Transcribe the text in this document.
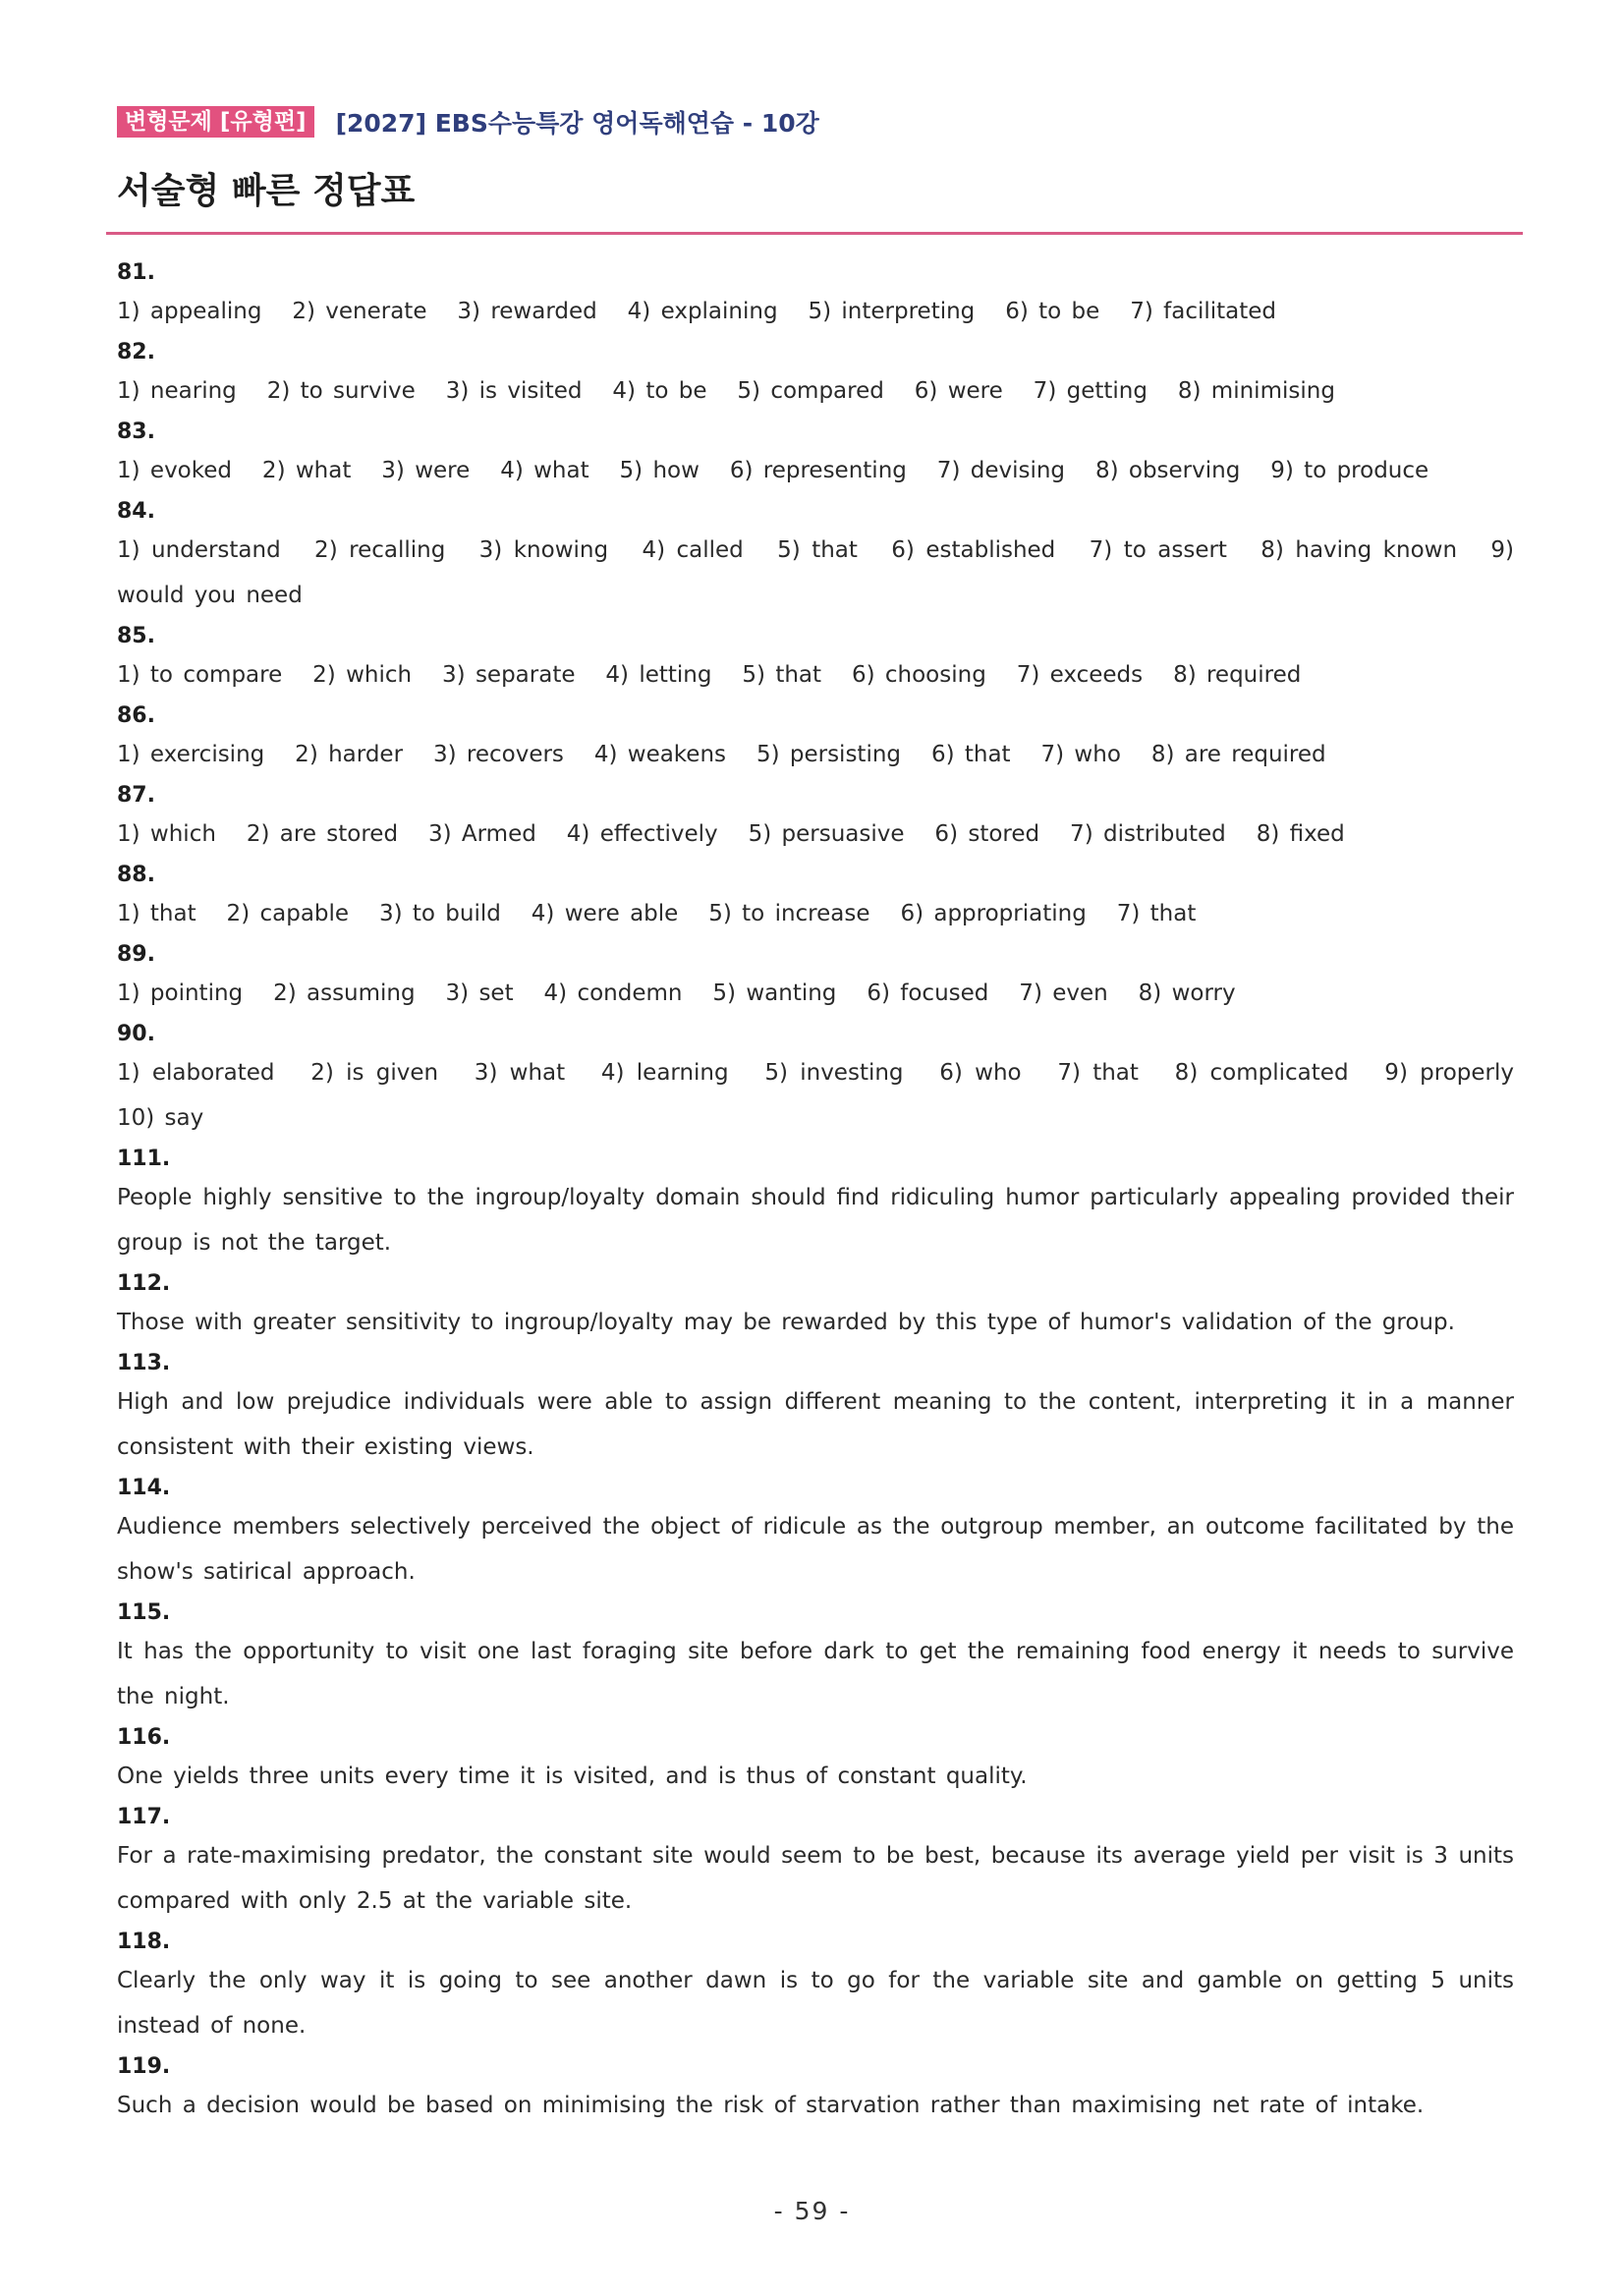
변형문제 [유형편]	[2027] EBS수능특강 영어독해연습 - 10강
서술형 빠른 정답표
81.
1) appealing   2) venerate   3) rewarded   4) explaining   5) interpreting   6) to be   7) facilitated
82.
1) nearing   2) to survive   3) is visited   4) to be   5) compared   6) were   7) getting   8) minimising
83.
1) evoked   2) what   3) were   4) what   5) how   6) representing   7) devising   8) observing   9) to produce
84.
1) understand   2) recalling   3) knowing   4) called   5) that   6) established   7) to assert   8) having known   9) would you need
85.
1) to compare   2) which   3) separate   4) letting   5) that   6) choosing   7) exceeds   8) required
86.
1) exercising   2) harder   3) recovers   4) weakens   5) persisting   6) that   7) who   8) are required
87.
1) which   2) are stored   3) Armed   4) effectively   5) persuasive   6) stored   7) distributed   8) fixed
88.
1) that   2) capable   3) to build   4) were able   5) to increase   6) appropriating   7) that
89.
1) pointing   2) assuming   3) set   4) condemn   5) wanting   6) focused   7) even   8) worry
90.
1) elaborated   2) is given   3) what   4) learning   5) investing   6) who   7) that   8) complicated   9) properly   10) say
111.
People highly sensitive to the ingroup/loyalty domain should find ridiculing humor particularly appealing provided their group is not the target.
112.
Those with greater sensitivity to ingroup/loyalty may be rewarded by this type of humor's validation of the group.
113.
High and low prejudice individuals were able to assign different meaning to the content, interpreting it in a manner consistent with their existing views.
114.
Audience members selectively perceived the object of ridicule as the outgroup member, an outcome facilitated by the show's satirical approach.
115.
It has the opportunity to visit one last foraging site before dark to get the remaining food energy it needs to survive the night.
116.
One yields three units every time it is visited, and is thus of constant quality.
117.
For a rate-maximising predator, the constant site would seem to be best, because its average yield per visit is 3 units compared with only 2.5 at the variable site.
118.
Clearly the only way it is going to see another dawn is to go for the variable site and gamble on getting 5 units instead of none.
119.
Such a decision would be based on minimising the risk of starvation rather than maximising net rate of intake.
- 59 -
